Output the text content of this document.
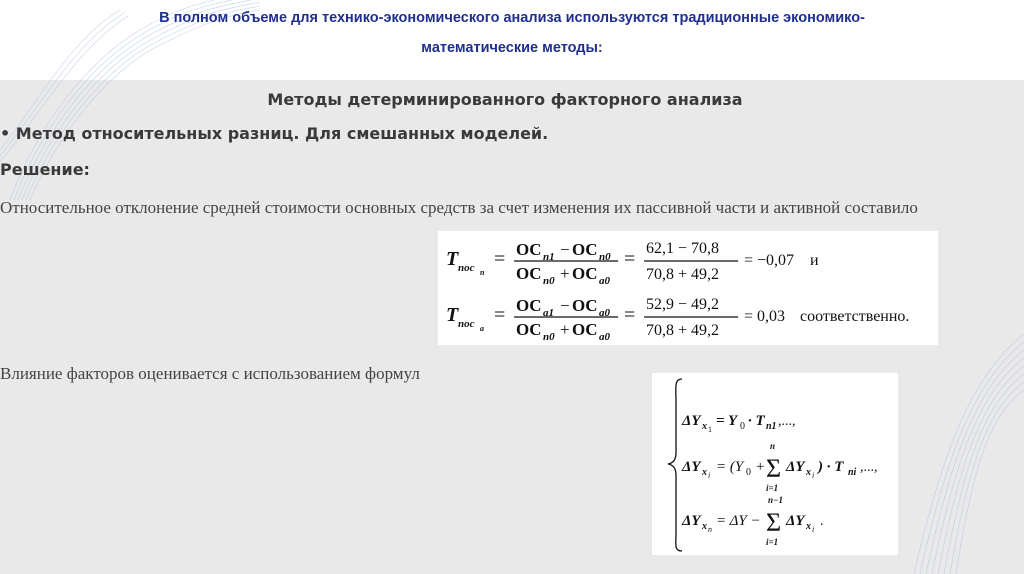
В полном объеме для технико-экономического анализа используются традиционные экономико-
математические методы:
Методы детерминированного факторного анализа
• Метод относительных разниц. Для смешанных моделей.
Решение:
Относительное отклонение средней стоимости основных средств за счет изменения их пассивной части и активной составило
Влияние факторов оценивается с использованием формул
T пос п
= OC n1 − OC n0
OC n0 + OC a0
= 62,1 − 70,8
70,8 + 49,2
= −0,07 и
T пос а
= OC a1 − OC a0
OC n0 + OC a0
= 52,9 − 49,2
70,8 + 49,2
= 0,03 соответственно.
ΔY x 1
= Y 0 · T n1 ,...,
ΔY x i
= (Y 0 +
n
Σ
i=1
ΔY x i
) · T ni ,...,
ΔY x n
= ΔY −
n−1
Σ
i=1
ΔY x i
.
